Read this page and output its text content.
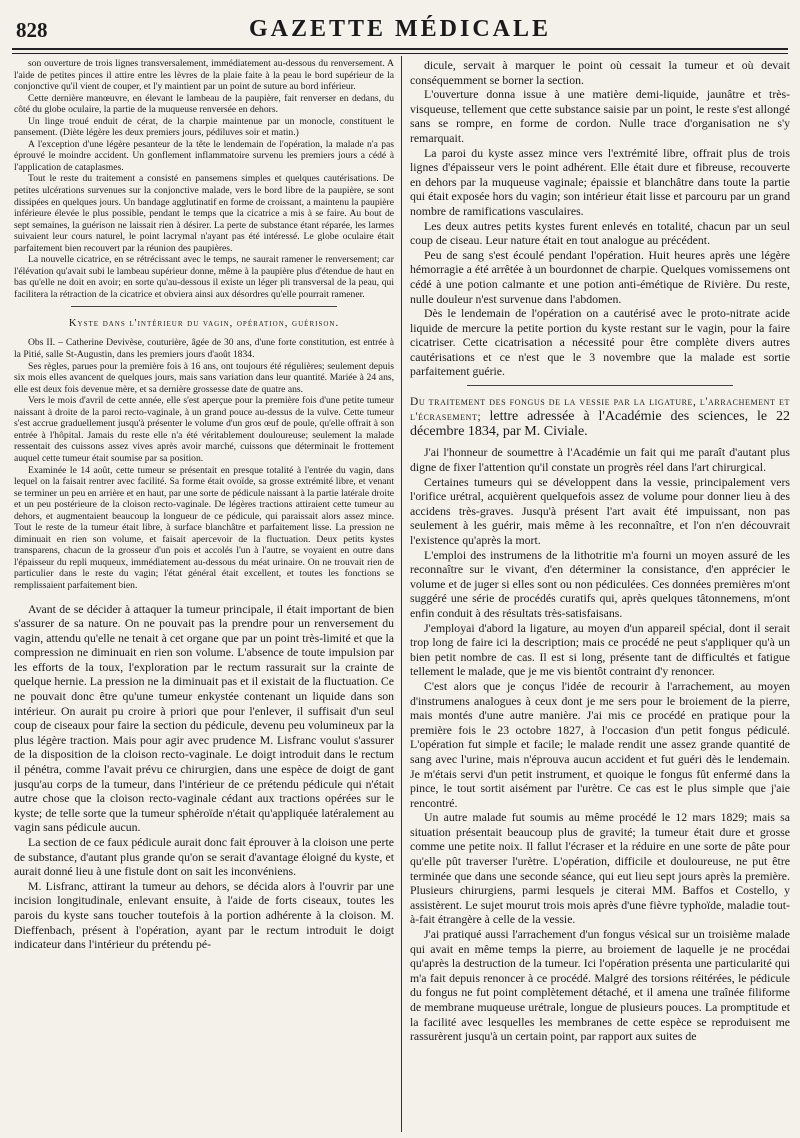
828	GAZETTE MÉDICALE

son ouverture de trois lignes transversalement, immédiatement au-dessous du renversement. A l'aide de petites pinces il attire entre les lèvres de la plaie faite à la peau le bord supérieur de la conjonctive qu'il vient de couper, et l'y maintient par un point de suture au bord inférieur.

Cette dernière manœuvre, en élevant le lambeau de la paupière, fait renverser en dedans, du côté du globe oculaire, la partie de la muqueuse renversée en dehors.

Un linge troué enduit de cérat, de la charpie maintenue par un monocle, constituent le pansement. (Diète légère les deux premiers jours, pédiluves soir et matin.)

A l'exception d'une légère pesanteur de la tête le lendemain de l'opération, la malade n'a pas éprouvé le moindre accident. Un gonflement inflammatoire survenu les premiers jours a cédé à l'application de cataplasmes.

Tout le reste du traitement a consisté en pansemens simples et quelques cautérisations. De petites ulcérations survenues sur la conjonctive malade, vers le bord libre de la paupière, se sont dissipées en quelques jours. Un bandage agglutinatif en forme de croissant, a maintenu la paupière inférieure élevée le plus possible, pendant le temps que la cicatrice a mis à se faire. Au bout de sept semaines, la guérison ne laissait rien à désirer. La perte de substance étant réparée, les larmes suivaient leur cours naturel, le point lacrymal n'ayant pas été intéressé. Le globe oculaire était parfaitement bien recouvert par la réunion des paupières.

La nouvelle cicatrice, en se rétrécissant avec le temps, ne saurait ramener le renversement; car l'élévation qu'avait subi le lambeau supérieur donne, même à la paupière plus d'étendue de haut en bas qu'elle ne doit en avoir; en sorte qu'au-dessous il existe un léger pli transversal de la peau, qui facilitera la rétraction de la cicatrice et obviera ainsi aux désordres qu'elle pourrait ramener.

Kyste dans l'intérieur du vagin, opération, guérison.

Obs II. – Catherine Devivèse, couturière, âgée de 30 ans, d'une forte constitution, est entrée à la Pitié, salle St-Augustin, dans les premiers jours d'août 1834.

Ses règles, parues pour la première fois à 16 ans, ont toujours été régulières; seulement depuis six mois elles avancent de quelques jours, mais sans variation dans leur quantité. Mariée à 24 ans, elle est deux fois devenue mère, et sa dernière grossesse date de quatre ans.

Vers le mois d'avril de cette année, elle s'est aperçue pour la première fois d'une petite tumeur naissant à droite de la paroi recto-vaginale, à un grand pouce au-dessus de la vulve. Cette tumeur s'est accrue graduellement jusqu'à présenter le volume d'un gros œuf de poule, qu'elle offrait à son entrée à l'hôpital. Jamais du reste elle n'a été véritablement douloureuse; seulement la malade ressentait des cuissons assez vives après avoir marché, cuissons que déterminait le frottement auquel cette tumeur était soumise par sa position.

Examinée le 14 août, cette tumeur se présentait en presque totalité à l'entrée du vagin, dans lequel on la faisait rentrer avec facilité. Sa forme était ovoïde, sa grosse extrémité libre, et venant se terminer un peu en arrière et en haut, par une sorte de pédicule naissant à la partie latérale droite et un peu postérieure de la cloison recto-vaginale. De légères tractions attiraient cette tumeur au dehors, et augmentaient beaucoup la longueur de ce pédicule, qui paraissait alors assez mince. Tout le reste de la tumeur était libre, à surface blanchâtre et parfaitement lisse. La pression ne diminuait en rien son volume, et faisait apercevoir de la fluctuation. Deux petits kystes transparens, chacun de la grosseur d'un pois et accolés l'un à l'autre, se voyaient en outre dans l'épaisseur du repli muqueux, immédiatement au-dessous du méat urinaire. On ne trouvait rien de particulier dans le reste du vagin; l'état général était excellent, et toutes les fonctions se remplissaient parfaitement bien.

Avant de se décider à attaquer la tumeur principale, il était important de bien s'assurer de sa nature. On ne pouvait pas la prendre pour un renversement du vagin, attendu qu'elle ne tenait à cet organe que par un point très-limité et que la compression ne diminuait en rien son volume. L'absence de toute impulsion par les efforts de la toux, l'exploration par le rectum rassurait sur la crainte de quelque hernie. La pression ne la diminuait pas et il existait de la fluctuation. Ce ne pouvait donc être qu'une tumeur enkystée contenant un liquide dans son intérieur. On aurait pu croire à priori que pour l'enlever, il suffisait d'un seul coup de ciseaux pour faire la section du pédicule, devenu peu volumineux par la plus légère traction. Mais pour agir avec prudence M. Lisfranc voulut s'assurer de la disposition de la cloison recto-vaginale. Le doigt introduit dans le rectum il pénétra, comme l'avait prévu ce chirurgien, dans une espèce de doigt de gant jusqu'au corps de la tumeur, dans l'intérieur de ce prétendu pédicule qui n'était autre chose que la cloison recto-vaginale cédant aux tractions opérées sur le kyste; de telle sorte que la tumeur sphéroïde n'était qu'appliquée latéralement au vagin sans pédicule aucun.

La section de ce faux pédicule aurait donc fait éprouver à la cloison une perte de substance, d'autant plus grande qu'on se serait d'avantage éloigné du kyste, et aurait donné lieu à une fistule dont on sait les inconvéniens.

M. Lisfranc, attirant la tumeur au dehors, se décida alors à l'ouvrir par une incision longitudinale, enlevant ensuite, à l'aide de forts ciseaux, toutes les parois du kyste sans toucher toutefois à la portion adhérente à la cloison. M. Dieffenbach, présent à l'opération, ayant par le rectum introduit le doigt indicateur dans l'intérieur du prétendu pé-

dicule, servait à marquer le point où cessait la tumeur et où devait conséquemment se borner la section.

L'ouverture donna issue à une matière demi-liquide, jaunâtre et très-visqueuse, tellement que cette substance saisie par un point, le reste s'est allongé sans se rompre, en forme de cordon. Nulle trace d'organisation ne s'y remarquait.

La paroi du kyste assez mince vers l'extrémité libre, offrait plus de trois lignes d'épaisseur vers le point adhérent. Elle était dure et fibreuse, recouverte en dehors par la muqueuse vaginale; épaissie et blanchâtre dans toute la partie qui était exposée hors du vagin; son intérieur était lisse et parcouru par un grand nombre de ramifications vasculaires.

Les deux autres petits kystes furent enlevés en totalité, chacun par un seul coup de ciseau. Leur nature était en tout analogue au précédent.

Peu de sang s'est écoulé pendant l'opération. Huit heures après une légère hémorragie a été arrêtée à un bourdonnet de charpie. Quelques vomissemens ont cédé à une potion calmante et une potion anti-émétique de Rivière. Du reste, nulle douleur n'est survenue dans l'abdomen.

Dès le lendemain de l'opération on a cautérisé avec le proto-nitrate acide liquide de mercure la petite portion du kyste restant sur le vagin, pour la faire cicatriser. Cette cicatrisation a nécessité pour être complète divers autres cautérisations et ce n'est que le 3 novembre que la malade est sortie parfaitement guérie.

Du traitement des fongus de la vessie par la ligature, l'arrachement et l'écrasement; lettre adressée à l'Académie des sciences, le 22 décembre 1834, par M. Civiale.

J'ai l'honneur de soumettre à l'Académie un fait qui me paraît d'autant plus digne de fixer l'attention qu'il constate un progrès réel dans l'art chirurgical.

Certaines tumeurs qui se développent dans la vessie, principalement vers l'orifice urétral, acquièrent quelquefois assez de volume pour donner lieu à des accidens très-graves. Jusqu'à présent l'art avait été impuissant, non pas seulement à les guérir, mais même à les reconnaître, et l'on n'en découvrait l'existence qu'après la mort.

L'emploi des instrumens de la lithotritie m'a fourni un moyen assuré de les reconnaître sur le vivant, d'en déterminer la consistance, d'en apprécier le volume et de juger si elles sont ou non pédiculées. Ces données premières m'ont suggéré une série de procédés curatifs qui, après quelques tâtonnemens, m'ont enfin conduit à des résultats très-satisfaisans.

J'employai d'abord la ligature, au moyen d'un appareil spécial, dont il serait trop long de faire ici la description; mais ce procédé ne peut s'appliquer qu'à un bien petit nombre de cas. Il est si long, présente tant de difficultés et fatigue tellement le malade, que je me vis bientôt contraint d'y renoncer.

C'est alors que je conçus l'idée de recourir à l'arrachement, au moyen d'instrumens analogues à ceux dont je me sers pour le broiement de la pierre, mais montés d'une autre manière. J'ai mis ce procédé en pratique pour la première fois le 23 octobre 1827, à l'occasion d'un petit fongus pédiculé. L'opération fut simple et facile; le malade rendit une assez grande quantité de sang avec l'urine, mais n'éprouva aucun accident et fut guéri dès le lendemain. Je m'étais servi d'un petit instrument, et quoique le fongus fût enfermé dans la pince, le tout sortit aisément par l'urètre. Ce cas est le plus simple que j'aie rencontré.

Un autre malade fut soumis au même procédé le 12 mars 1829; mais sa situation présentait beaucoup plus de gravité; la tumeur était dure et grosse comme une petite noix. Il fallut l'écraser et la réduire en une sorte de pâte pour qu'elle pût traverser l'urètre. L'opération, difficile et douloureuse, ne put être terminée que dans une seconde séance, qui eut lieu sept jours après la première. Plusieurs chirurgiens, parmi lesquels je citerai MM. Baffos et Costello, y assistèrent. Le sujet mourut trois mois après d'une fièvre typhoïde, maladie tout-à-fait étrangère à celle de la vessie.

J'ai pratiqué aussi l'arrachement d'un fongus vésical sur un troisième malade qui avait en même temps la pierre, au broiement de laquelle je ne procédai qu'après la destruction de la tumeur. Ici l'opération présenta une particularité qui m'a fait depuis renoncer à ce procédé. Malgré des torsions réitérées, le pédicule du fongus ne fut point complètement détaché, et il amena une traînée filiforme de membrane muqueuse urétrale, longue de plusieurs pouces. La promptitude et la facilité avec lesquelles les membranes de cette espèce se reproduisent me rassurèrent jusqu'à un certain point, par rapport aux suites de
